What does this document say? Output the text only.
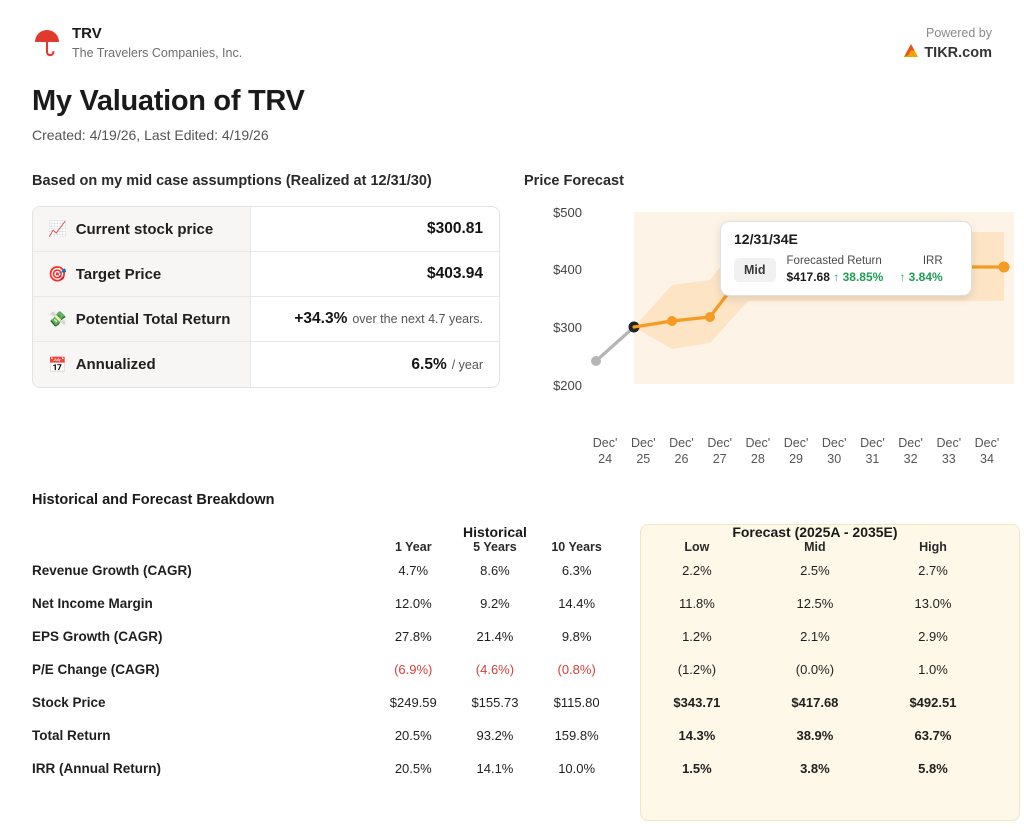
TRV
The Travelers Companies, Inc.
Powered by
TIKR.com
My Valuation of TRV
Created: 4/19/26, Last Edited: 4/19/26
Based on my mid case assumptions (Realized at 12/31/30)
📈 Current stock price	$300.81
🎯 Target Price	$403.94
💸 Potential Total Return	+34.3% over the next 4.7 years.
📅 Annualized	6.5% / year
Price Forecast
$500
$400
$300
$200
12/31/34E
Mid
Forecasted Return
$417.68 ↑ 38.85%
IRR
↑ 3.84%
Dec' 24
Dec' 25
Dec' 26
Dec' 27
Dec' 28
Dec' 29
Dec' 30
Dec' 31
Dec' 32
Dec' 33
Dec' 34
Historical and Forecast Breakdown
	Historical				Forecast (2025A - 2035E)		
	1 Year	5 Years	10 Years		Low	Mid	High
Revenue Growth (CAGR)	4.7%	8.6%	6.3%		2.2%	2.5%	2.7%
Net Income Margin	12.0%	9.2%	14.4%		11.8%	12.5%	13.0%
EPS Growth (CAGR)	27.8%	21.4%	9.8%		1.2%	2.1%	2.9%
P/E Change (CAGR)	(6.9%)	(4.6%)	(0.8%)		(1.2%)	(0.0%)	1.0%
Stock Price	$249.59	$155.73	$115.80		$343.71	$417.68	$492.51
Total Return	20.5%	93.2%	159.8%		14.3%	38.9%	63.7%
IRR (Annual Return)	20.5%	14.1%	10.0%		1.5%	3.8%	5.8%
